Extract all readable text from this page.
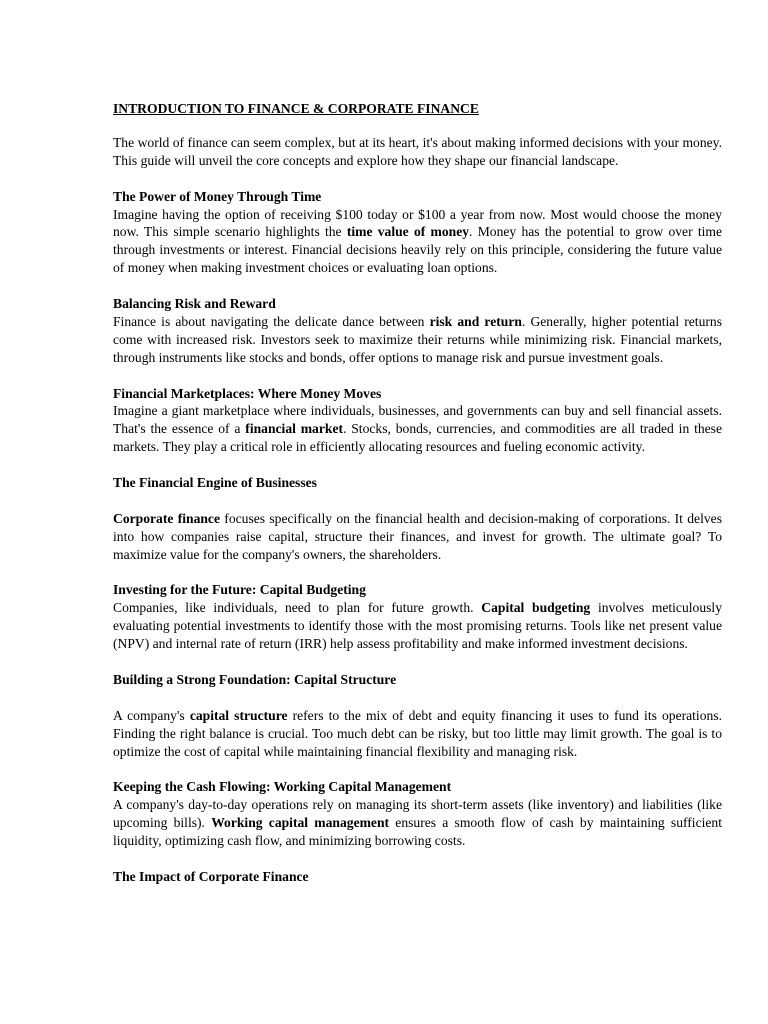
INTRODUCTION TO FINANCE & CORPORATE FINANCE

The world of finance can seem complex, but at its heart, it's about making informed decisions with your money. This guide will unveil the core concepts and explore how they shape our financial landscape.

The Power of Money Through Time

Imagine having the option of receiving $100 today or $100 a year from now. Most would choose the money now. This simple scenario highlights the time value of money. Money has the potential to grow over time through investments or interest. Financial decisions heavily rely on this principle, considering the future value of money when making investment choices or evaluating loan options.

Balancing Risk and Reward

Finance is about navigating the delicate dance between risk and return. Generally, higher potential returns come with increased risk. Investors seek to maximize their returns while minimizing risk. Financial markets, through instruments like stocks and bonds, offer options to manage risk and pursue investment goals.

Financial Marketplaces: Where Money Moves

Imagine a giant marketplace where individuals, businesses, and governments can buy and sell financial assets. That's the essence of a financial market. Stocks, bonds, currencies, and commodities are all traded in these markets. They play a critical role in efficiently allocating resources and fueling economic activity.

The Financial Engine of Businesses

Corporate finance focuses specifically on the financial health and decision-making of corporations. It delves into how companies raise capital, structure their finances, and invest for growth. The ultimate goal? To maximize value for the company's owners, the shareholders.

Investing for the Future: Capital Budgeting

Companies, like individuals, need to plan for future growth. Capital budgeting involves meticulously evaluating potential investments to identify those with the most promising returns. Tools like net present value (NPV) and internal rate of return (IRR) help assess profitability and make informed investment decisions.

Building a Strong Foundation: Capital Structure

A company's capital structure refers to the mix of debt and equity financing it uses to fund its operations. Finding the right balance is crucial. Too much debt can be risky, but too little may limit growth. The goal is to optimize the cost of capital while maintaining financial flexibility and managing risk.

Keeping the Cash Flowing: Working Capital Management

A company's day-to-day operations rely on managing its short-term assets (like inventory) and liabilities (like upcoming bills). Working capital management ensures a smooth flow of cash by maintaining sufficient liquidity, optimizing cash flow, and minimizing borrowing costs.

The Impact of Corporate Finance
